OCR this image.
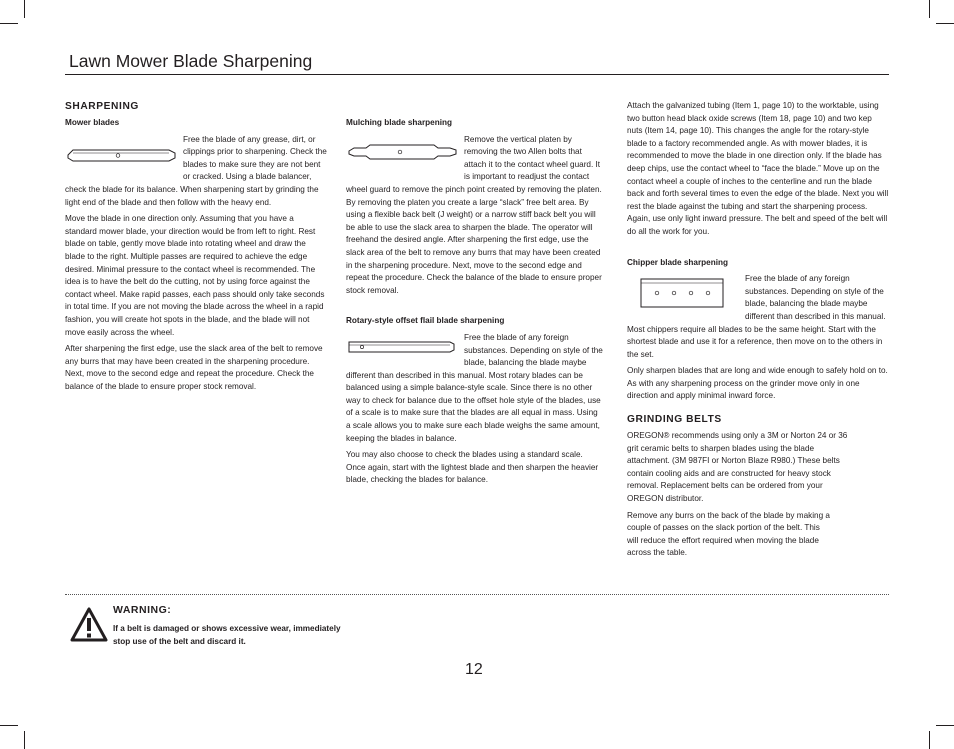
Lawn Mower Blade Sharpening
SHARPENING
Mower blades

Free the blade of any grease, dirt, or clippings prior to sharpening. Check the blades to make sure they are not bent or cracked. Using a blade balancer, check the blade for its balance. When sharpening start by grinding the light end of the blade and then follow with the heavy end.

Move the blade in one direction only. Assuming that you have a standard mower blade, your direction would be from left to right. Rest blade on table, gently move blade into rotating wheel and draw the blade to the right. Multiple passes are required to achieve the edge desired. Minimal pressure to the contact wheel is recommended. The idea is to have the belt do the cutting, not by using force against the contact wheel. Make rapid passes, each pass should only take seconds in total time. If you are not moving the blade across the wheel in a rapid fashion, you will create hot spots in the blade, and the blade will not move easily across the wheel.

After sharpening the first edge, use the slack area of the belt to remove any burrs that may have been created in the sharpening procedure. Next, move to the second edge and repeat the procedure. Check the balance of the blade to ensure proper stock removal.

Mulching blade sharpening

Remove the vertical platen by removing the two Allen bolts that attach it to the contact wheel guard. It is important to readjust the contact wheel guard to remove the pinch point created by removing the platen. By removing the platen you create a large “slack” free belt area. By using a flexible back belt (J weight) or a narrow stiff back belt you will be able to use the slack area to sharpen the blade. The operator will freehand the desired angle. After sharpening the first edge, use the slack area of the belt to remove any burrs that may have been created in the sharpening procedure. Next, move to the second edge and repeat the procedure. Check the balance of the blade to ensure proper stock removal.

Rotary-style offset flail blade sharpening

Free the blade of any foreign substances. Depending on style of the blade, balancing the blade maybe different than described in this manual. Most rotary blades can be balanced using a simple balance-style scale. Since there is no other way to check for balance due to the offset hole style of the blades, use of a scale is to make sure that the blades are all equal in mass. Using a scale allows you to make sure each blade weighs the same amount, keeping the blades in balance.

You may also choose to check the blades using a standard scale. Once again, start with the lightest blade and then sharpen the heavier blade, checking the blades for balance.

Attach the galvanized tubing (Item 1, page 10) to the worktable, using two button head black oxide screws (Item 18, page 10) and two kep nuts (Item 14, page 10). This changes the angle for the rotary-style blade to a factory recommended angle. As with mower blades, it is recommended to move the blade in one direction only. If the blade has deep chips, use the contact wheel to “face the blade.” Move up on the contact wheel a couple of inches to the centerline and run the blade back and forth several times to even the edge of the blade. Next you will rest the blade against the tubing and start the sharpening process. Again, use only light inward pressure. The belt and speed of the belt will do all the work for you.

Chipper blade sharpening

Free the blade of any foreign substances. Depending on style of the blade, balancing the blade maybe different than described in this manual. Most chippers require all blades to be the same height. Start with the shortest blade and use it for a reference, then move on to the others in the set.

Only sharpen blades that are long and wide enough to safely hold on to. As with any sharpening process on the grinder move only in one direction and apply minimal inward force.

GRINDING BELTS

OREGON® recommends using only a 3M or Norton 24 or 36 grit ceramic belts to sharpen blades using the blade attachment. (3M 987FI or Norton Blaze R980.) These belts contain cooling aids and are constructed for heavy stock removal. Replacement belts can be ordered from your OREGON distributor.

Remove any burrs on the back of the blade by making a couple of passes on the slack portion of the belt. This will reduce the effort required when moving the blade across the table.

WARNING:
If a belt is damaged or shows excessive wear, immediately stop use of the belt and discard it.
12
